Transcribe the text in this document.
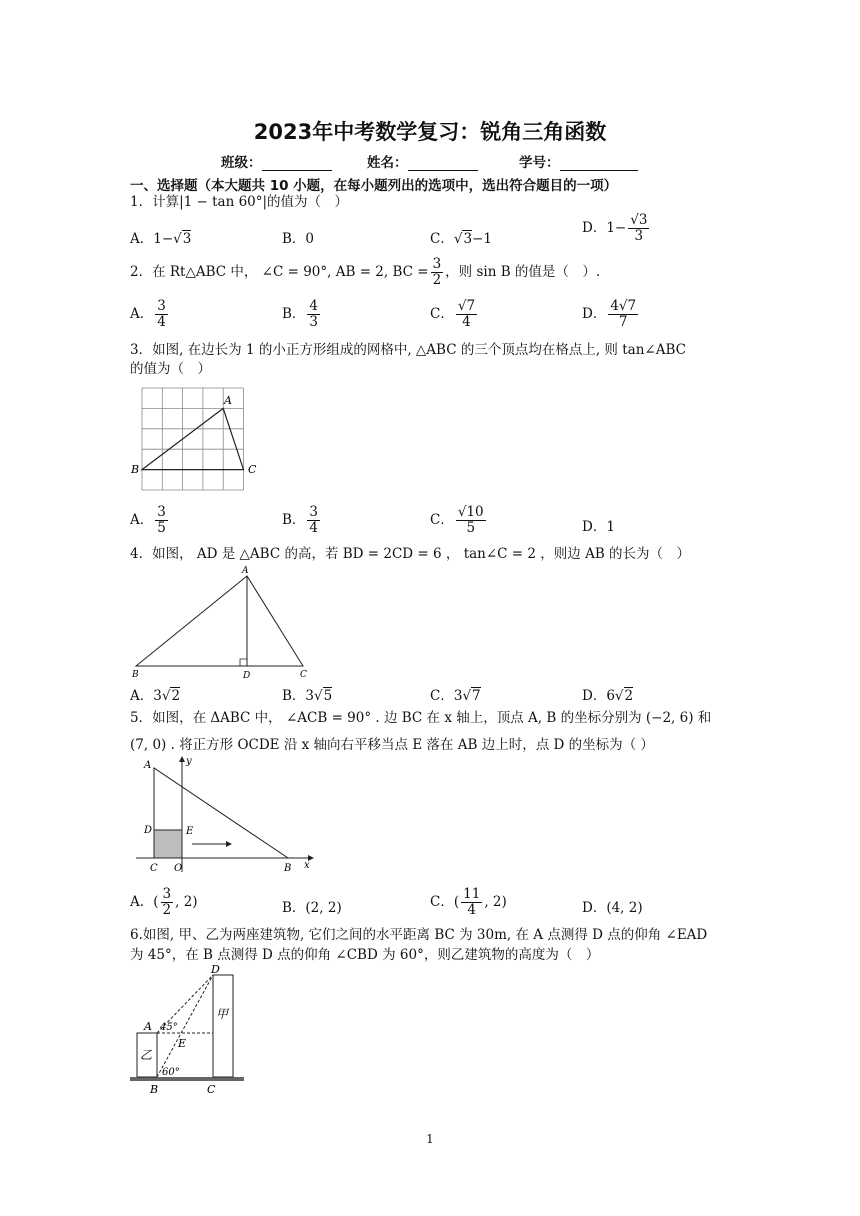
2023年中考数学复习：锐角三角函数
班级：	姓名：	学号：
一、选择题（本大题共 10 小题，在每小题列出的选项中，选出符合题目的一项）
1．计算|1 − tan 60°|的值为（　）
A．1−√3	B．0	C．√3−1
D．$1- \frac{√3}{3}$
2．在 Rt△ABC 中， ∠C = 90°, AB = 2, BC = $\frac{3}{2}$ ，则 sin B 的值是（　）.
A． $\frac{3}{4}$	B． $\frac{4}{3}$	C． $\frac{√7}{4}$	D． $\frac{4√7}{7}$
3．如图, 在边长为 1 的小正方形组成的网格中, △ABC 的三个顶点均在格点上, 则 tan∠ABC
的值为（　）
A
B	C
A． $\frac{3}{5}$	B． $\frac{3}{4}$	C． $\frac{√10}{5}$	D．1
4．如图， AD 是 △ABC 的高，若 BD = 2CD = 6 ， tan∠C = 2 ，则边 AB 的长为（　）
A
B	C
D
A．3√2	B．3√5	C．3√7	D．6√2
5．如图，在 ΔABC 中， ∠ACB = 90° . 边 BC 在 x 轴上，顶点 A, B 的坐标分别为 (−2, 6) 和
(7, 0) . 将正方形 OCDE 沿 x 轴向右平移当点 E 落在 AB 边上时，点 D 的坐标为（ ）
A
D	E
C O	B x
y
A．( $\frac{3}{2}$ , 2)	B．(2, 2)	C．( $\frac{11}{4}$ , 2)	D．(4, 2)
6.如图, 甲、乙为两座建筑物, 它们之间的水平距离 BC 为 30m, 在 A 点测得 D 点的仰角 ∠EAD
为 45°，在 B 点测得 D 点的仰角 ∠CBD 为 60°，则乙建筑物的高度为（　）
A
B	C
D
E
甲
乙
45°
60°
1
